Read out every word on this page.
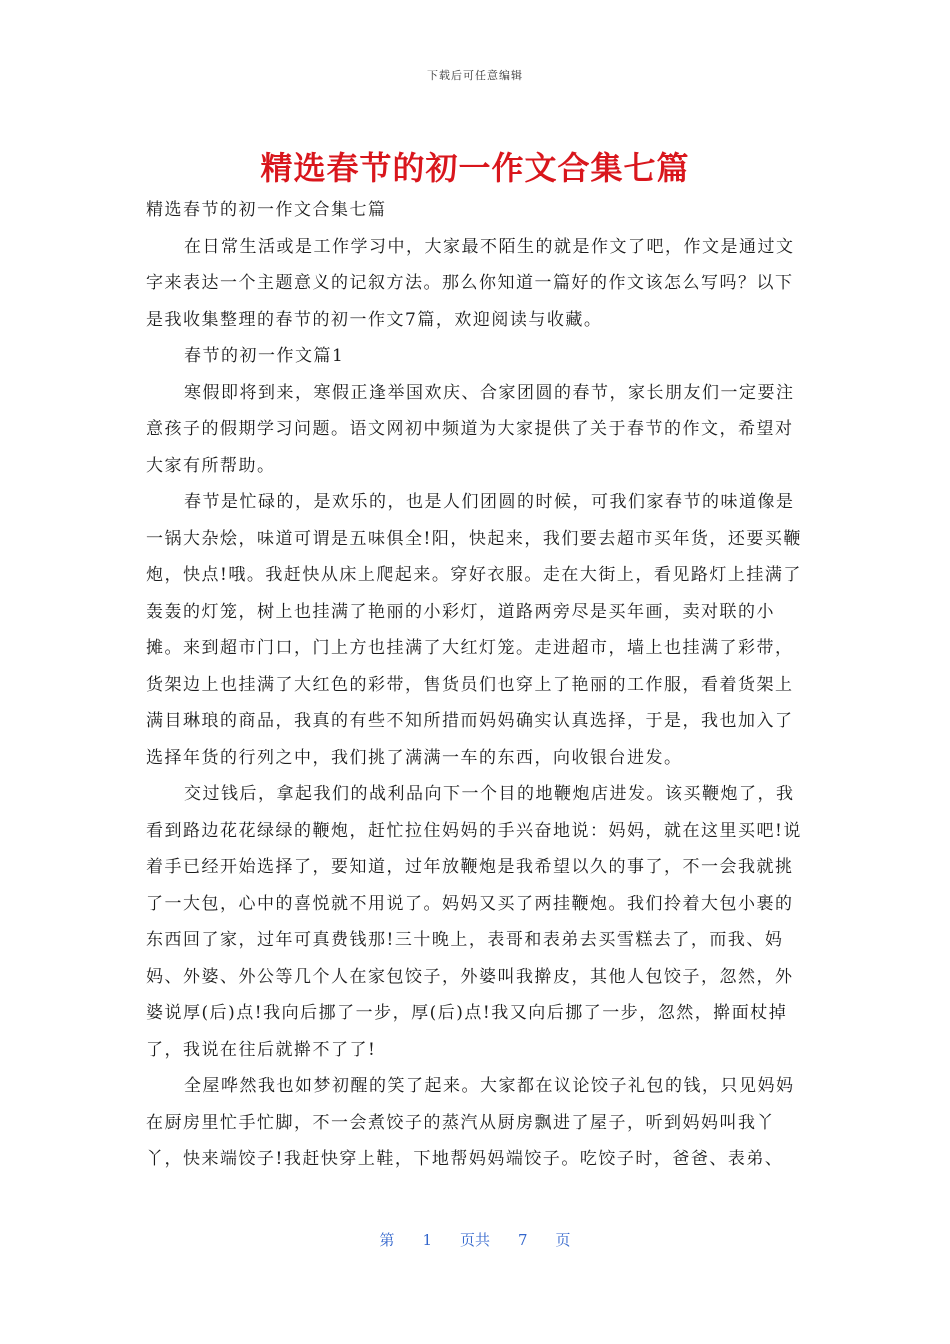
下载后可任意编辑
精选春节的初一作文合集七篇

精选春节的初一作文合集七篇

在日常生活或是工作学习中，大家最不陌生的就是作文了吧，作文是通过文字来表达一个主题意义的记叙方法。那么你知道一篇好的作文该怎么写吗？以下是我收集整理的春节的初一作文7篇，欢迎阅读与收藏。

春节的初一作文篇1

寒假即将到来，寒假正逢举国欢庆、合家团圆的春节，家长朋友们一定要注意孩子的假期学习问题。语文网初中频道为大家提供了关于春节的作文，希望对大家有所帮助。

春节是忙碌的，是欢乐的，也是人们团圆的时候，可我们家春节的味道像是一锅大杂烩，味道可谓是五味俱全!阳，快起来，我们要去超市买年货，还要买鞭炮，快点!哦。我赶快从床上爬起来。穿好衣服。走在大街上，看见路灯上挂满了轰轰的灯笼，树上也挂满了艳丽的小彩灯，道路两旁尽是买年画，卖对联的小摊。来到超市门口，门上方也挂满了大红灯笼。走进超市，墙上也挂满了彩带，货架边上也挂满了大红色的彩带，售货员们也穿上了艳丽的工作服，看着货架上满目琳琅的商品，我真的有些不知所措而妈妈确实认真选择，于是，我也加入了选择年货的行列之中，我们挑了满满一车的东西，向收银台进发。

交过钱后，拿起我们的战利品向下一个目的地鞭炮店进发。该买鞭炮了，我看到路边花花绿绿的鞭炮，赶忙拉住妈妈的手兴奋地说：妈妈，就在这里买吧!说着手已经开始选择了，要知道，过年放鞭炮是我希望以久的事了，不一会我就挑了一大包，心中的喜悦就不用说了。妈妈又买了两挂鞭炮。我们拎着大包小裹的东西回了家，过年可真费钱那!三十晚上，表哥和表弟去买雪糕去了，而我、妈妈、外婆、外公等几个人在家包饺子，外婆叫我擀皮，其他人包饺子，忽然，外婆说厚(后)点!我向后挪了一步，厚(后)点!我又向后挪了一步，忽然，擀面杖掉了，我说在往后就擀不了了!

全屋哗然我也如梦初醒的笑了起来。大家都在议论饺子礼包的钱，只见妈妈在厨房里忙手忙脚，不一会煮饺子的蒸汽从厨房飘进了屋子，听到妈妈叫我丫丫，快来端饺子!我赶快穿上鞋，下地帮妈妈端饺子。吃饺子时，爸爸、表弟、

第 1 页共 7 页
